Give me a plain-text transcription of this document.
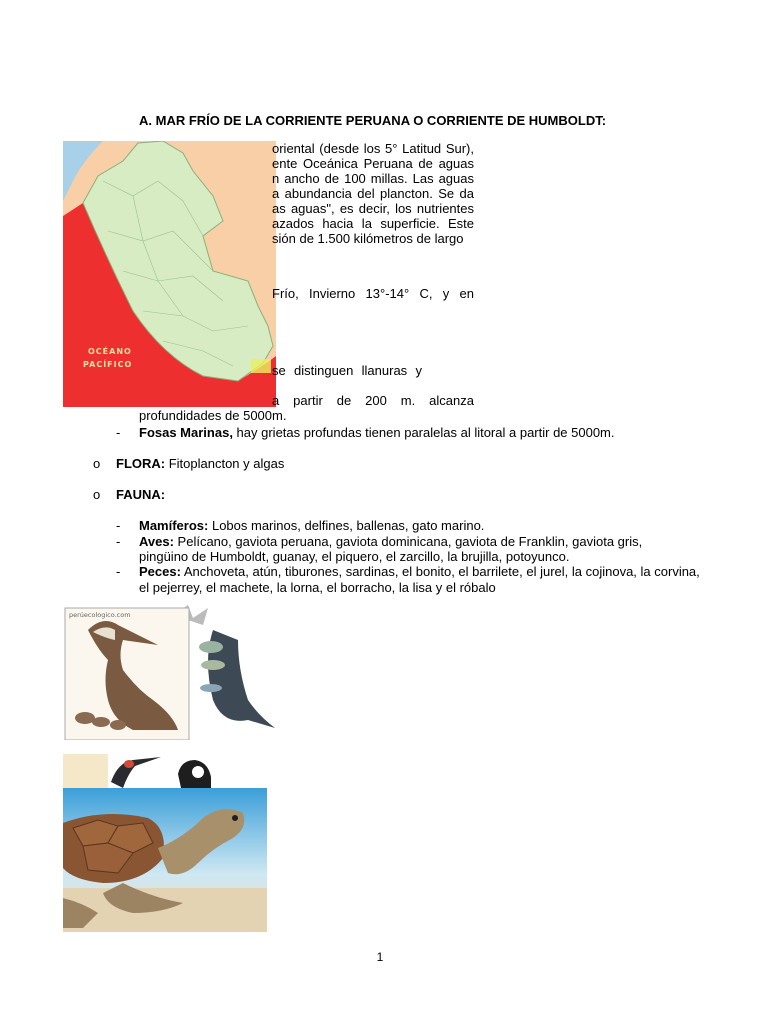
A. MAR FRÍO DE LA CORRIENTE PERUANA O CORRIENTE DE HUMBOLDT:
OCÉANO
PACÍFICO
oriental (desde los 5° Latitud Sur),
ente Oceánica Peruana de aguas
n ancho de 100 millas. Las aguas
a abundancia del plancton. Se da
as aguas", es decir, los nutrientes
azados hacia la superficie. Este
sión de 1.500 kilómetros de largo
Frío, Invierno 13°-14° C, y en
se distinguen llanuras y
a partir de 200 m. alcanza
profundidades de 5000m.
- Fosas Marinas, hay grietas profundas tienen paralelas al litoral a partir de 5000m.
o FLORA: Fitoplancton y algas
o FAUNA:
- Mamíferos: Lobos marinos, delfines, ballenas, gato marino.
- Aves: Pelícano, gaviota peruana, gaviota dominicana, gaviota de Franklin, gaviota gris,
pingüino de Humboldt, guanay, el piquero, el zarcillo, la brujilla, potoyunco.
- Peces: Anchoveta, atún, tiburones, sardinas, el bonito, el barrilete, el jurel, la cojinova, la corvina,
el pejerrey, el machete, la lorna, el borracho, la lisa y el róbalo
perúecologico.com
1
